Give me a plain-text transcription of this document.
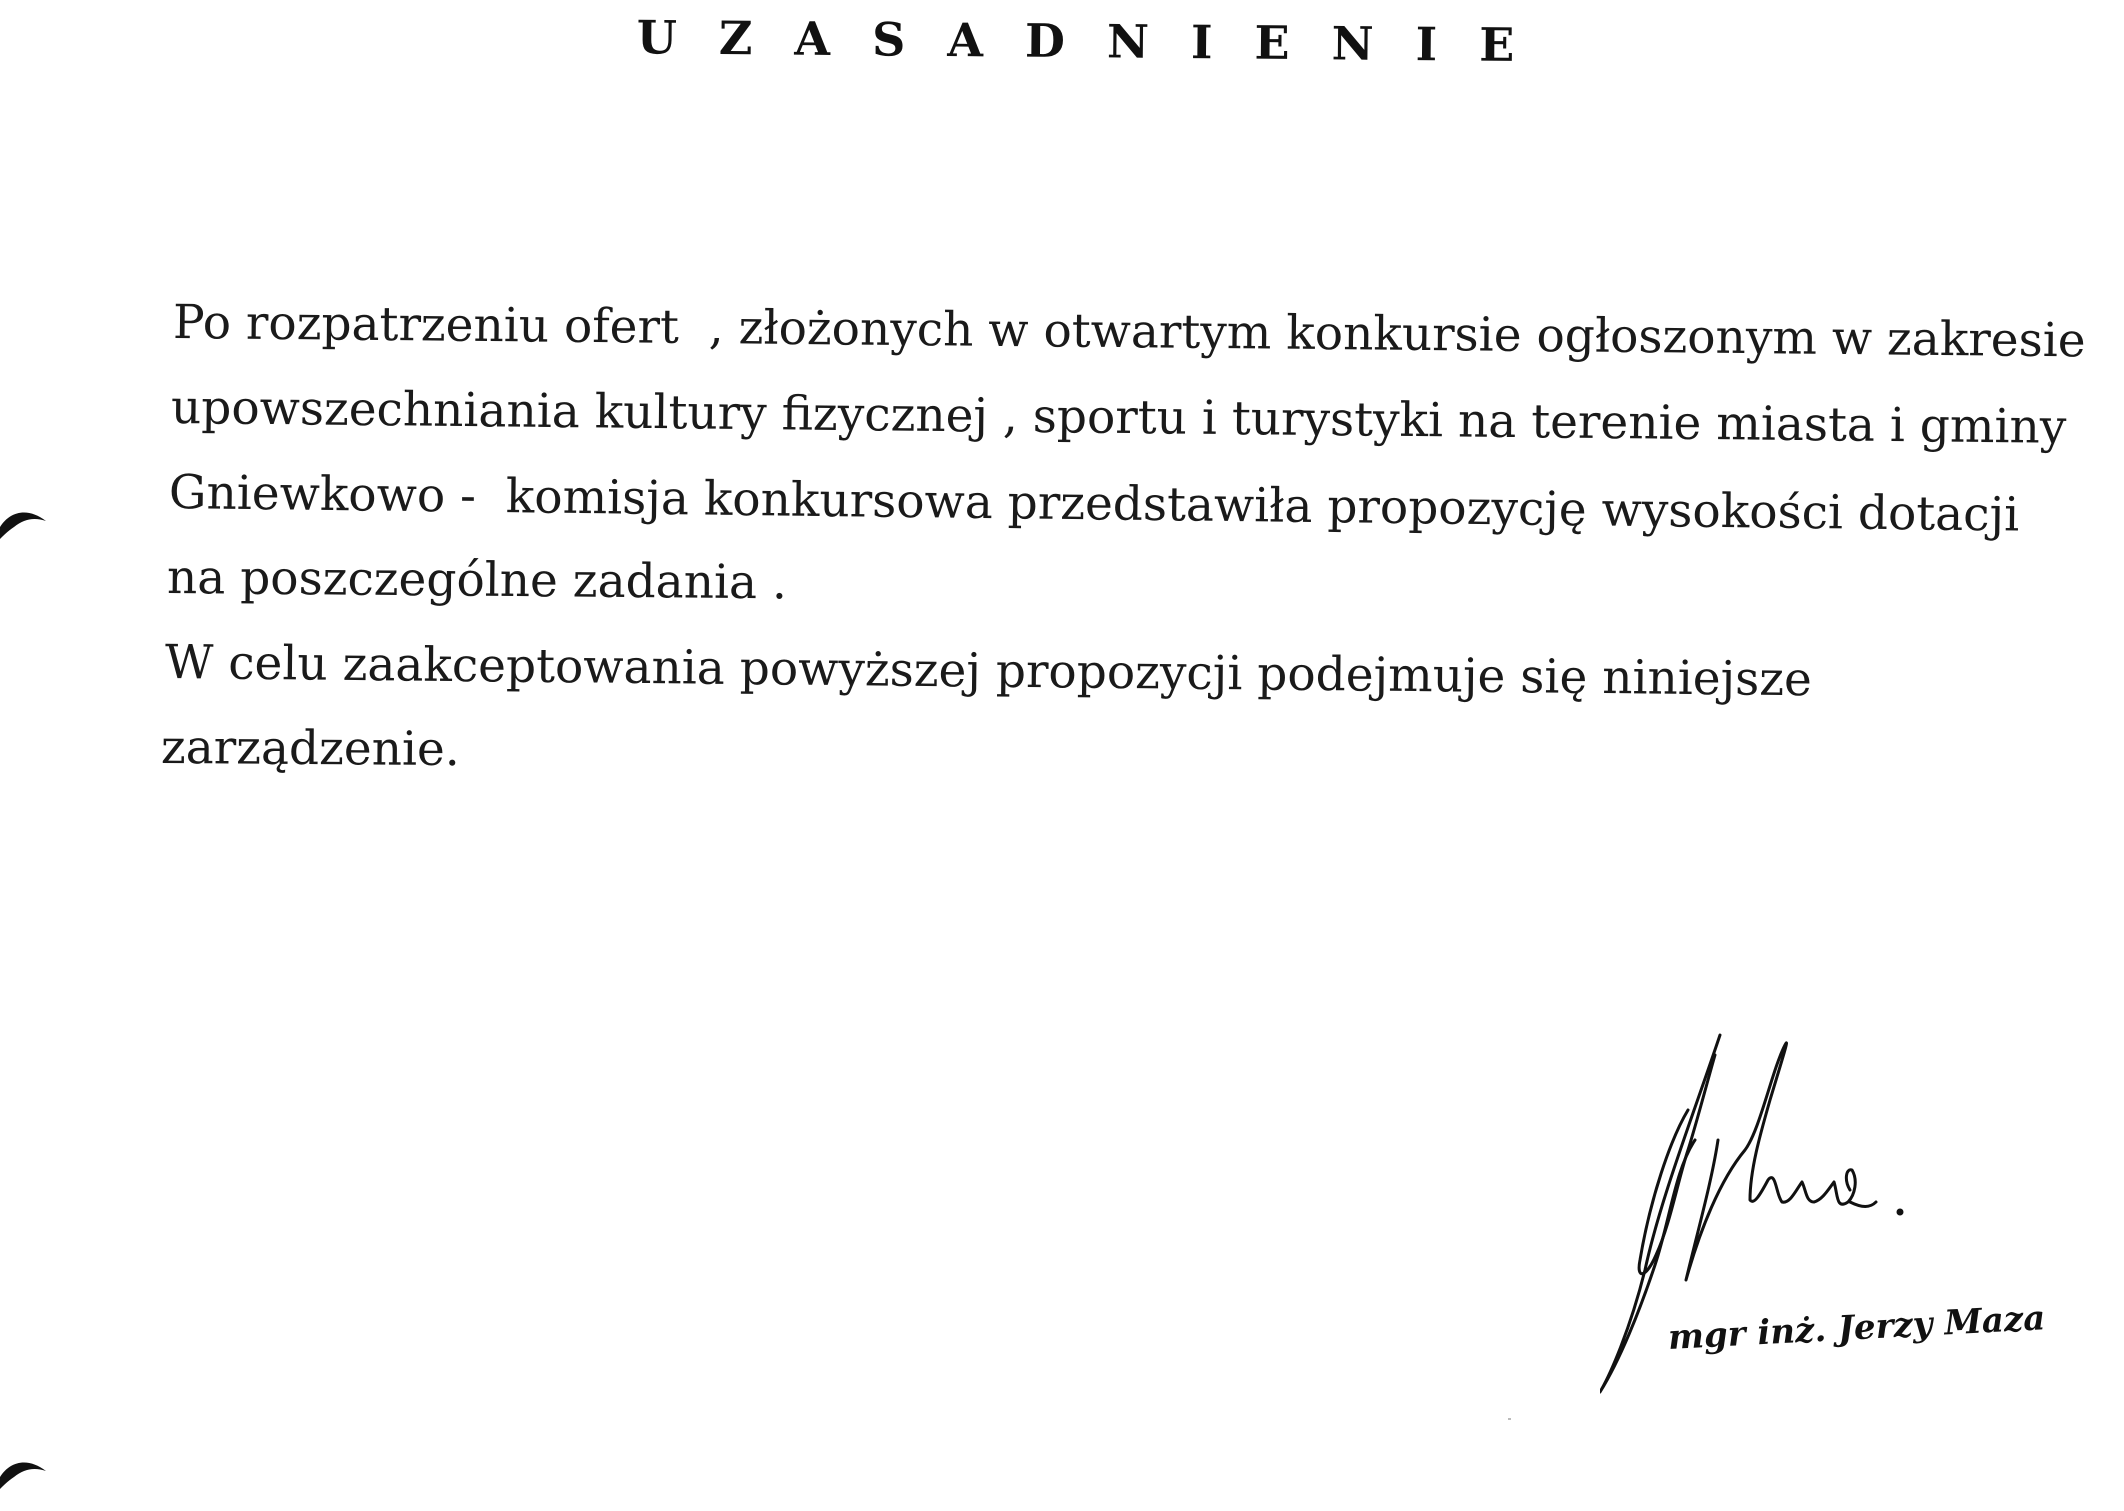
U Z A S A D N I E N I E
Po rozpatrzeniu ofert  , złożonych w otwartym konkursie ogłoszonym w zakresie
upowszechniania kultury fizycznej , sportu i turystyki na terenie miasta i gminy
Gniewkowo -  komisja konkursowa przedstawiła propozycję wysokości dotacji
na poszczególne zadania .
W celu zaakceptowania powyższej propozycji podejmuje się niniejsze
zarządzenie.
mgr inż. Jerzy Maza
